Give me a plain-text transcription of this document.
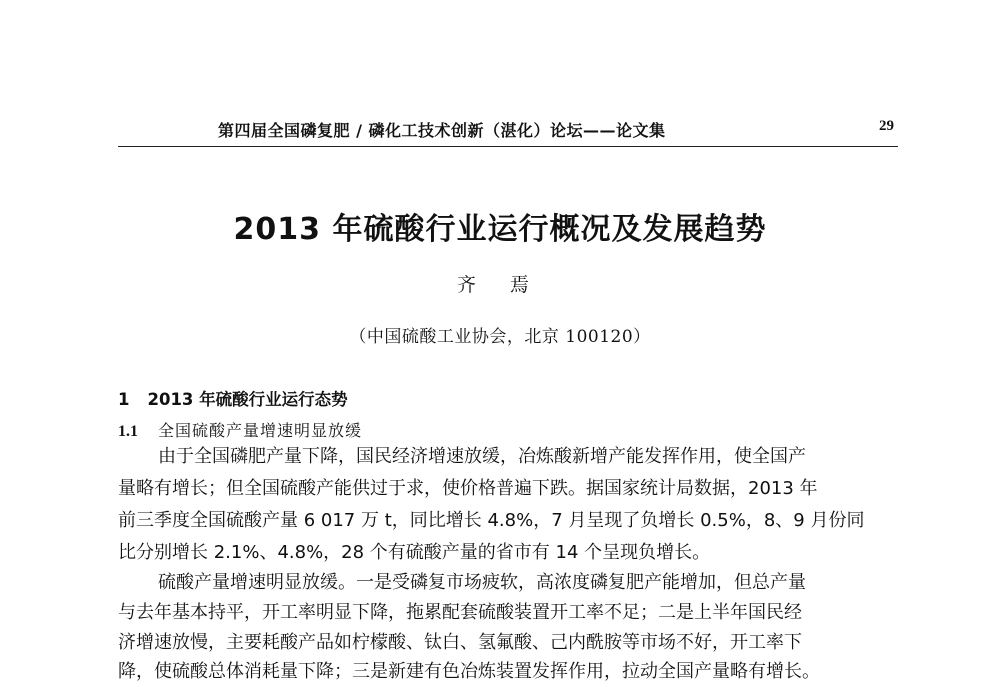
第四届全国磷复肥 / 磷化工技术创新（湛化）论坛——论文集	29
2013 年硫酸行业运行概况及发展趋势
齐 焉
（中国硫酸工业协会，北京 100120）
1 2013 年硫酸行业运行态势
1.1 全国硫酸产量增速明显放缓
由于全国磷肥产量下降，国民经济增速放缓，冶炼酸新增产能发挥作用，使全国产
量略有增长；但全国硫酸产能供过于求，使价格普遍下跌。据国家统计局数据，2013 年
前三季度全国硫酸产量 6 017 万 t，同比增长 4.8%，7 月呈现了负增长 0.5%，8、9 月份同
比分别增长 2.1%、4.8%，28 个有硫酸产量的省市有 14 个呈现负增长。
硫酸产量增速明显放缓。一是受磷复市场疲软，高浓度磷复肥产能增加，但总产量
与去年基本持平，开工率明显下降，拖累配套硫酸装置开工率不足；二是上半年国民经
济增速放慢，主要耗酸产品如柠檬酸、钛白、氢氟酸、己内酰胺等市场不好，开工率下
降，使硫酸总体消耗量下降；三是新建有色冶炼装置发挥作用，拉动全国产量略有增长。
